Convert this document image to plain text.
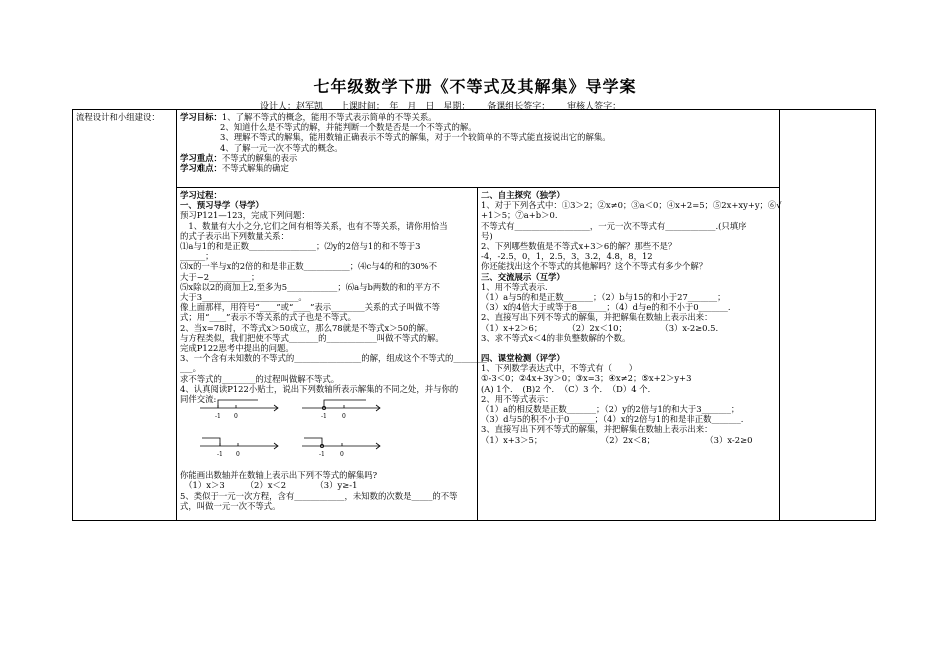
七年级数学下册《不等式及其解集》导学案
设计人：赵军凯 上课时间：　年　月　日　星期： 备课组长签字： 审核人签字：
流程设计和小组建设： 学习目标：1、了解不等式的概念，能用不等式表示简单的不等关系。

2、知道什么是不等式的解，并能判断一个数是否是一个不等式的解。

3、理解不等式的解集，能用数轴正确表示不等式的解集，对于一个较简单的不等式能直接说出它的解集。

4、了解一元一次不等式的概念。

学习重点：不等式的解集的表示

学习难点：不等式解集的确定

学习过程：

一、预习导学（导学）

预习P121—123，完成下列问题：

　1、数量有大小之分,它们之间有相等关系，也有不等关系，请你用恰当

的式子表示出下列数量关系：

⑴a与1的和是正数________________；⑵y的2倍与1的和不等于3

______；

⑶x的一半与x的2倍的和是非正数___________；⑷c与4的和的30%不

大于−2__________；

⑸x除以2的商加上2,至多为5____________；⑹a与b两数的和的平方不

大于3_______________________。

像上面那样，用符号“____”或“____”表示________关系的式子叫做不等

式；用“____”表示不等关系的式子也是不等式。

2、当x=78时，不等式x＞50成立，那么78就是不等式x＞50的解。

与方程类似，我们把使不等式_______的____________叫做不等式的解。

完成P122思考中提出的问题。

3、一个含有未知数的不等式的________________的解，组成这个不等式的________

___。

求不等式的________的过程叫做解不等式。

4、认真阅读P122小贴士，说出下列数轴所表示解集的不同之处，并与你的

同伴交流:

你能画出数轴并在数轴上表示出下列不等式的解集吗?

　（1）x＞3　　　（2）x＜2　　　　（3）y≥-1

5、类似于一元一次方程，含有____________，未知数的次数是_____的不等

式，叫做一元一次不等式。

-1 0	-1	0
-1 0	-1	0

二、自主探究（独学）

1、对于下列各式中：①3＞2；②x≠0；③a＜0；④x+2=5；⑤2x+xy+y；⑥√

+1＞5；⑦a+b＞0.

不等式有__________________，一元一次不等式有____________.(只填序

号)

2、下列哪些数值是不等式x+3＞6的解？那些不是？

-4，-2.5，0，1，2.5，3，3.2，4.8，8，12

你还能找出这个不等式的其他解吗？这个不等式有多少个解？

三、交流展示（互学）

1、用不等式表示.

（1）a与5的和是正数_______；（2）b与15的和小于27_______；

（3）x的4倍大于或等于8_______；（4）d与e的和不小于0_______.

2、直接写出下列不等式的解集，并把解集在数轴上表示出来：

（1）x+2＞6；　　　　（2）2x＜10；　　　　　（3）x-2≥0.5.

3、求不等式x＜4的非负整数解的个数。

四、课堂检测（评学）

1、下列数学表达式中，不等式有（　　）

①-3＜0；②4x+3y＞0；③x=3；④x≠2；⑤x+2＞y+3

(A) 1个．　(B)2 个．　（C）3 个．　（D）4 个．

2、用不等式表示：

（1）a的相反数是正数_______；（2）y的2倍与1的和大于3_______；

（3）d与5的积不小于0______；（4）x的2倍与1的和是非正数_______.

3、直接写出下列不等式的解集，并把解集在数轴上表示出来：

（1）x+3＞5；　　　　　　　　（2）2x＜8；　　　　　　　（3）x-2≥0
